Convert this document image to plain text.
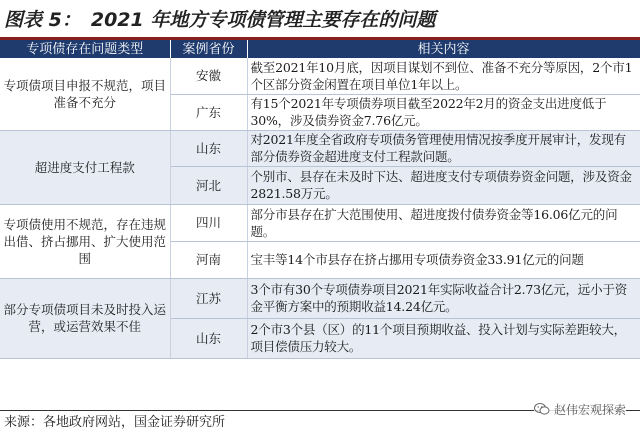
图表 5： 2021 年地方专项债管理主要存在的问题
专项债存在问题类型	案例省份	相关内容
专项债项目申报不规范，项目准备不充分	安徽	截至2021年10月底，因项目谋划不到位、准备不充分等原因，2个市1个区部分资金闲置在项目单位1年以上。
	广东	有15个2021年专项债券项目截至2022年2月的资金支出进度低于30%，涉及债券资金7.76亿元。
超进度支付工程款	山东	对2021年度全省政府专项债务管理使用情况按季度开展审计，发现有部分债券资金超进度支付工程款问题。
	河北	个别市、县存在未及时下达、超进度支付专项债券资金问题，涉及资金2821.58万元。
专项债使用不规范，存在违规出借、挤占挪用、扩大使用范围	四川	部分市县存在扩大范围使用、超进度拨付债券资金等16.06亿元的问题。
	河南	宝丰等14个市县存在挤占挪用专项债券资金33.91亿元的问题
部分专项债项目未及时投入运营，或运营效果不佳	江苏	3个市有30个专项债券项目2021年实际收益合计2.73亿元，远小于资金平衡方案中的预期收益14.24亿元。
	山东	2个市3个县（区）的11个项目预期收益、投入计划与实际差距较大，项目偿债压力较大。
来源：各地政府网站，国金证券研究所
赵伟宏观探索
